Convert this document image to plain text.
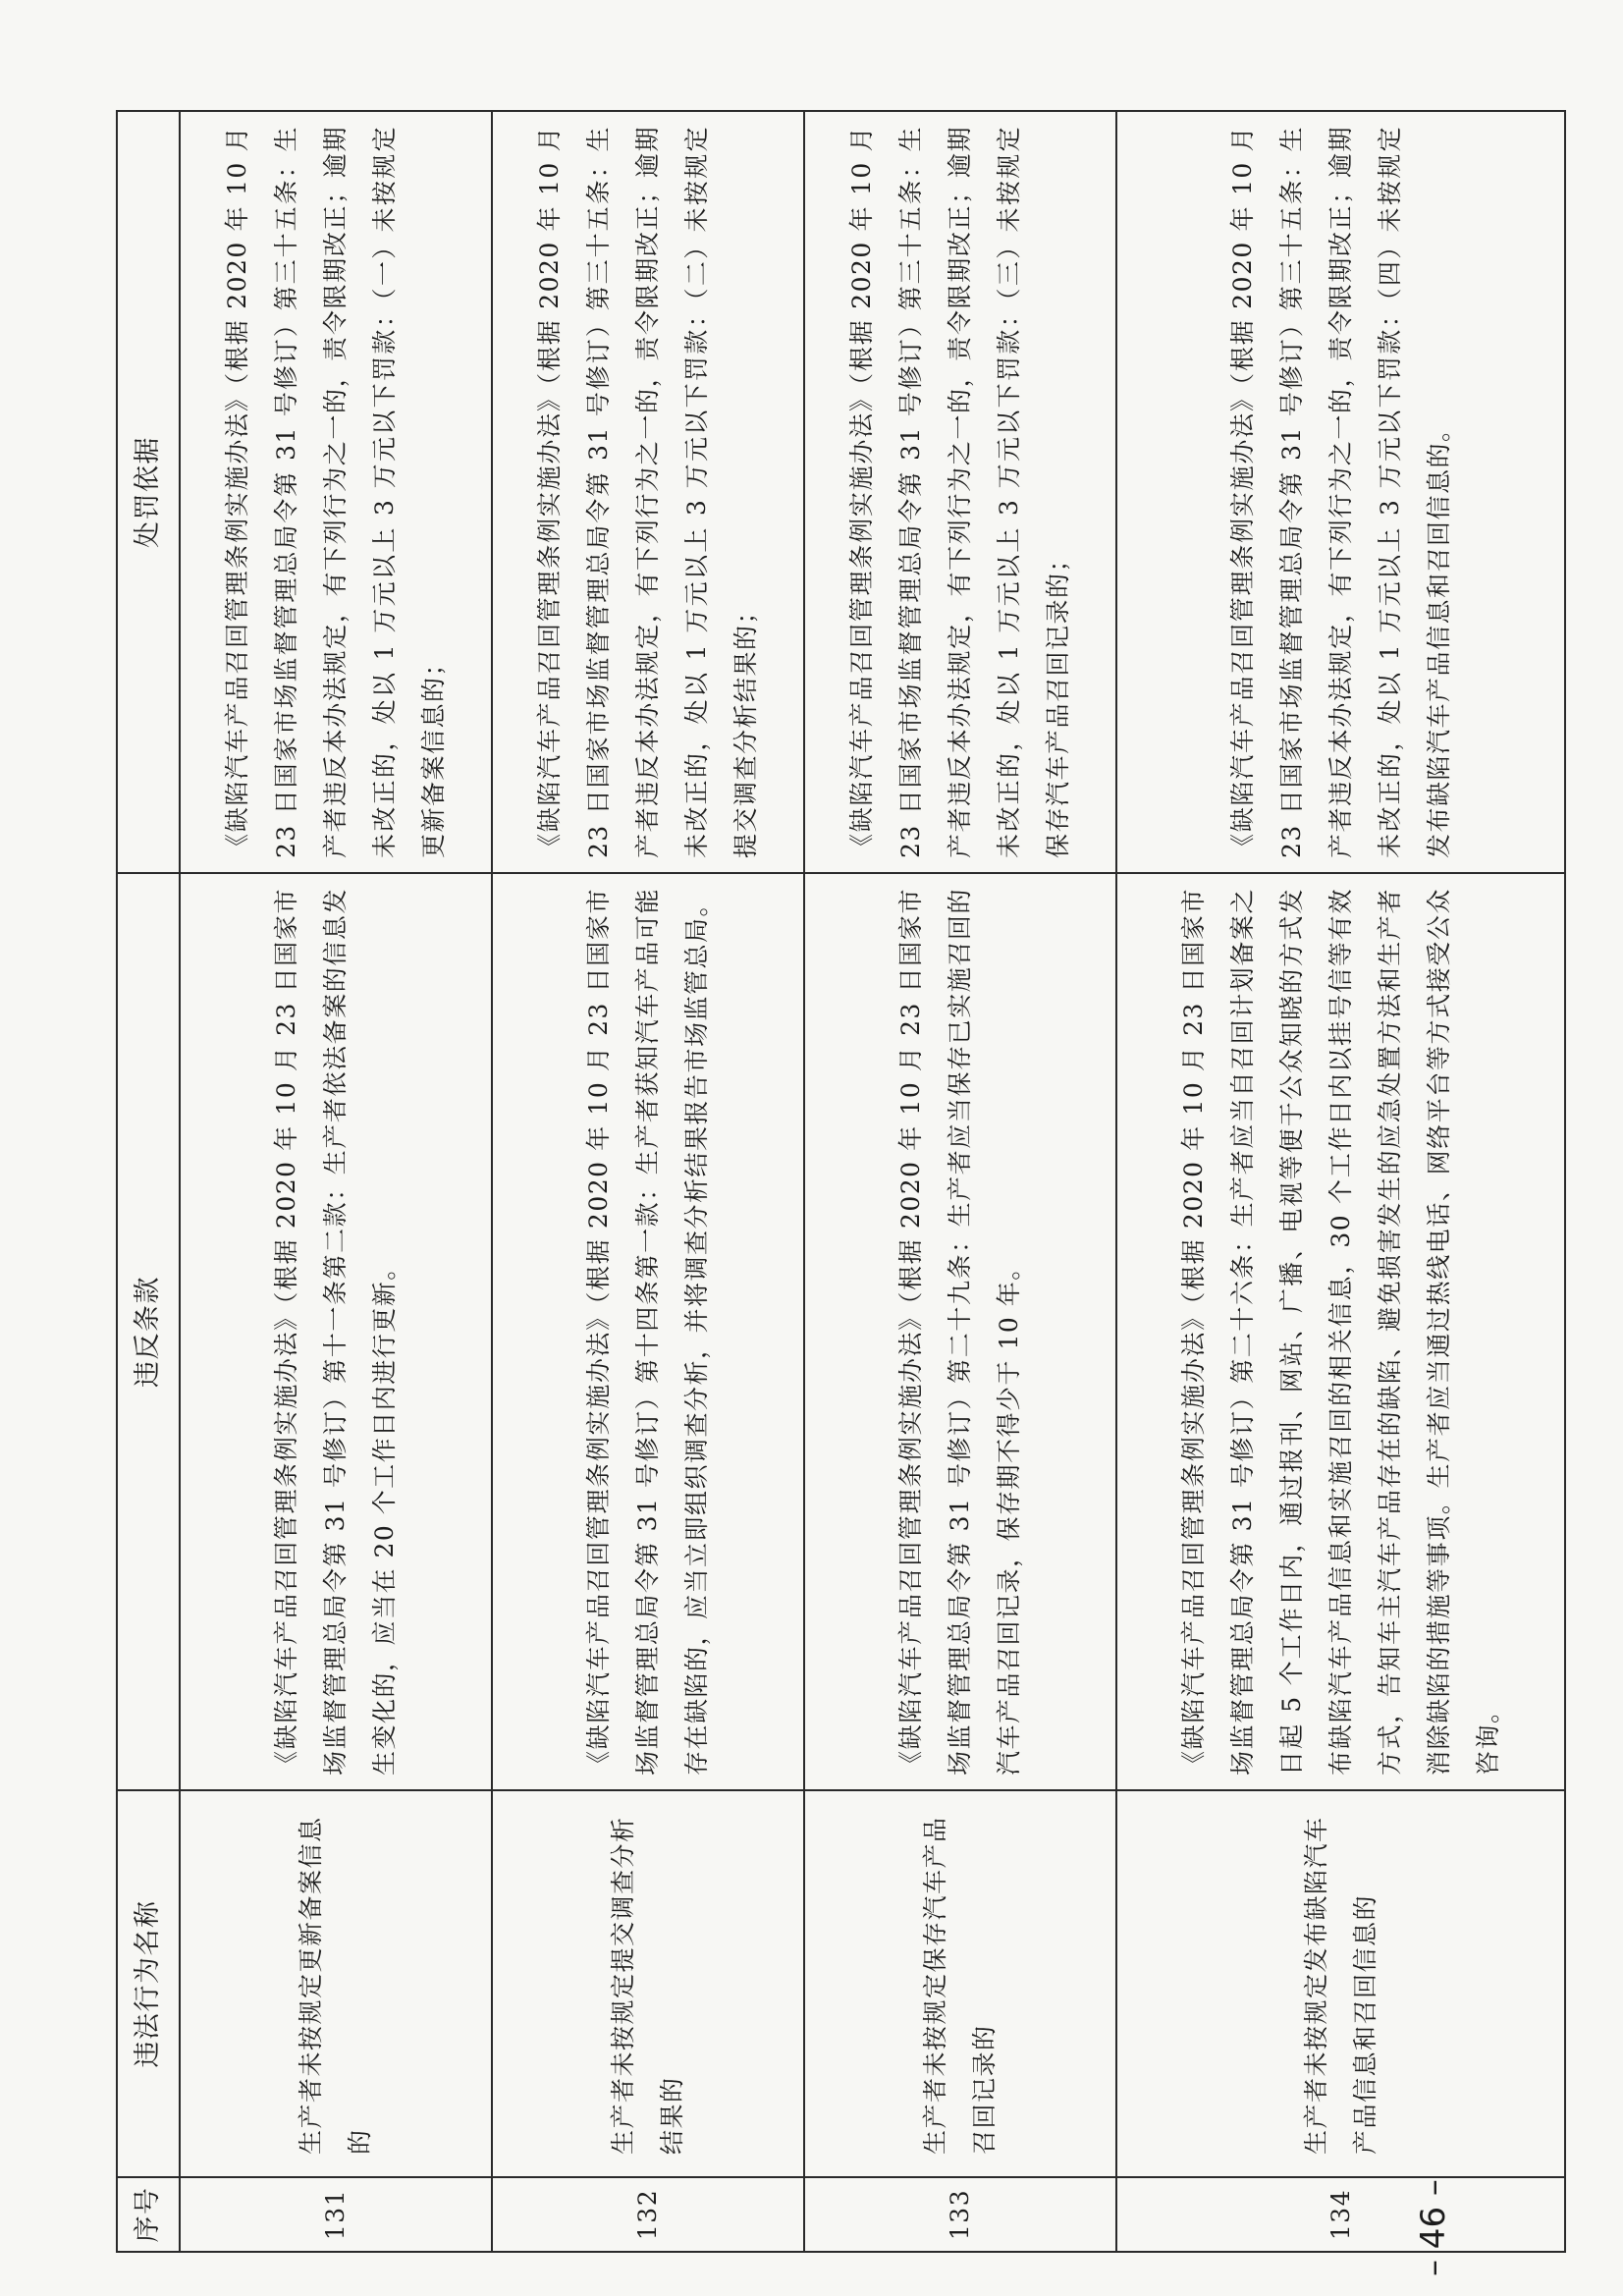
序号	违法行为名称	违反条款	处罚依据
131	生产者未按规定更新备案信息的	《缺陷汽车产品召回管理条例实施办法》（根据 2020 年 10 月 23 日国家市场监督管理总局令第 31 号修订）第十一条第二款：生产者依法备案的信息发生变化的，应当在 20 个工作日内进行更新。	《缺陷汽车产品召回管理条例实施办法》（根据 2020 年 10 月 23 日国家市场监督管理总局令第 31 号修订）第三十五条：生产者违反本办法规定，有下列行为之一的，责令限期改正；逾期未改正的，处以 1 万元以上 3 万元以下罚款：（一）未按规定更新备案信息的；
132	生产者未按规定提交调查分析结果的	《缺陷汽车产品召回管理条例实施办法》（根据 2020 年 10 月 23 日国家市场监督管理总局令第 31 号修订）第十四条第一款：生产者获知汽车产品可能存在缺陷的，应当立即组织调查分析，并将调查分析结果报告市场监管总局。	《缺陷汽车产品召回管理条例实施办法》（根据 2020 年 10 月 23 日国家市场监督管理总局令第 31 号修订）第三十五条：生产者违反本办法规定，有下列行为之一的，责令限期改正；逾期未改正的，处以 1 万元以上 3 万元以下罚款：（二）未按规定提交调查分析结果的；
133	生产者未按规定保存汽车产品召回记录的	《缺陷汽车产品召回管理条例实施办法》（根据 2020 年 10 月 23 日国家市场监督管理总局令第 31 号修订）第二十九条：生产者应当保存已实施召回的汽车产品召回记录，保存期不得少于 10 年。	《缺陷汽车产品召回管理条例实施办法》（根据 2020 年 10 月 23 日国家市场监督管理总局令第 31 号修订）第三十五条：生产者违反本办法规定，有下列行为之一的，责令限期改正；逾期未改正的，处以 1 万元以上 3 万元以下罚款：（三）未按规定保存汽车产品召回记录的；
134	生产者未按规定发布缺陷汽车产品信息和召回信息的	《缺陷汽车产品召回管理条例实施办法》（根据 2020 年 10 月 23 日国家市场监督管理总局令第 31 号修订）第二十六条：生产者应当自召回计划备案之日起 5 个工作日内，通过报刊、网站、广播、电视等便于公众知晓的方式发布缺陷汽车产品信息和实施召回的相关信息，30 个工作日内以挂号信等有效方式，告知车主汽车产品存在的缺陷、避免损害发生的应急处置方法和生产者消除缺陷的措施等事项。生产者应当通过热线电话、网络平台等方式接受公众咨询。	《缺陷汽车产品召回管理条例实施办法》（根据 2020 年 10 月 23 日国家市场监督管理总局令第 31 号修订）第三十五条：生产者违反本办法规定，有下列行为之一的，责令限期改正；逾期未改正的，处以 1 万元以上 3 万元以下罚款：（四）未按规定发布缺陷汽车产品信息和召回信息的。
– 46 –
